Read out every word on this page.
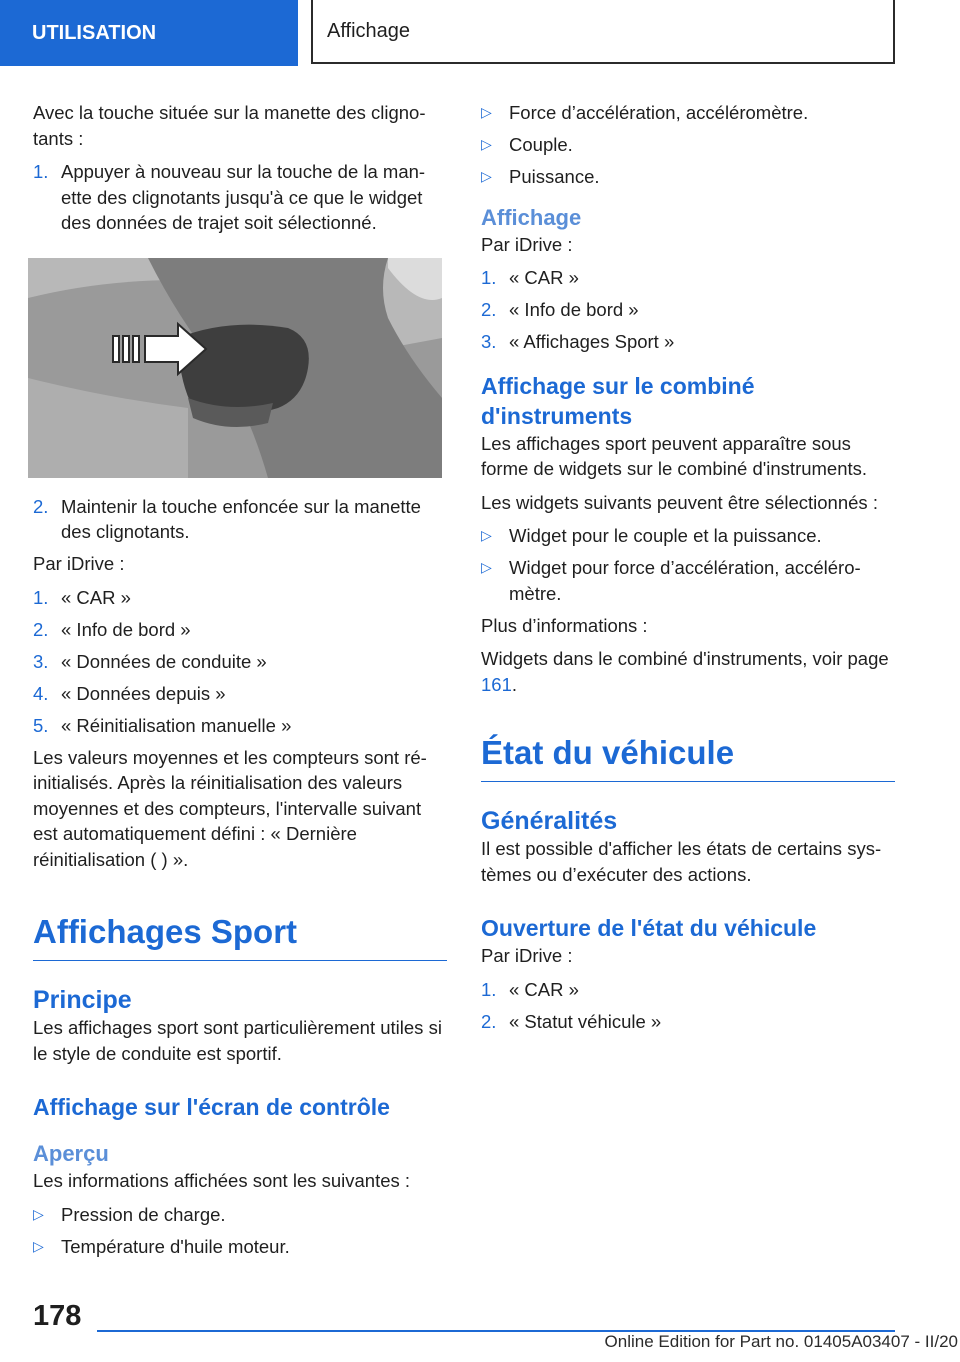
UTILISATION	Affichage

Avec la touche située sur la manette des cligno-tants :

1. Appuyer à nouveau sur la touche de la man-ette des clignotants jusqu'à ce que le widget des données de trajet soit sélectionné.
2. Maintenir la touche enfoncée sur la manette des clignotants.

Par iDrive :

1. « CAR »
2. « Info de bord »
3. « Données de conduite »
4. « Données depuis »
5. « Réinitialisation manuelle »

Les valeurs moyennes et les compteurs sont ré-initialisés. Après la réinitialisation des valeurs moyennes et des compteurs, l'intervalle suivant est automatiquement défini : « Dernière réinitialisation ( ) ».

Affichages Sport
Principe

Les affichages sport sont particulièrement utiles si le style de conduite est sportif.

Affichage sur l'écran de contrôle
Aperçu

Les informations affichées sont les suivantes :

▷ Pression de charge.
▷ Température d'huile moteur.
▷ Force d’accélération, accéléromètre.
▷ Couple.
▷ Puissance.
Affichage

Par iDrive :

1. « CAR »
2. « Info de bord »
3. « Affichages Sport »
Affichage sur le combiné d'instruments

Les affichages sport peuvent apparaître sous forme de widgets sur le combiné d'instruments.

Les widgets suivants peuvent être sélectionnés :

▷ Widget pour le couple et la puissance.
▷ Widget pour force d’accélération, accéléro-mètre.

Plus d’informations :

Widgets dans le combiné d'instruments, voir page 161.

État du véhicule
Généralités

Il est possible d'afficher les états de certains sys-tèmes ou d’exécuter des actions.

Ouverture de l'état du véhicule

Par iDrive :

1. « CAR »
2. « Statut véhicule »
178
Online Edition for Part no. 01405A03407 - II/20
